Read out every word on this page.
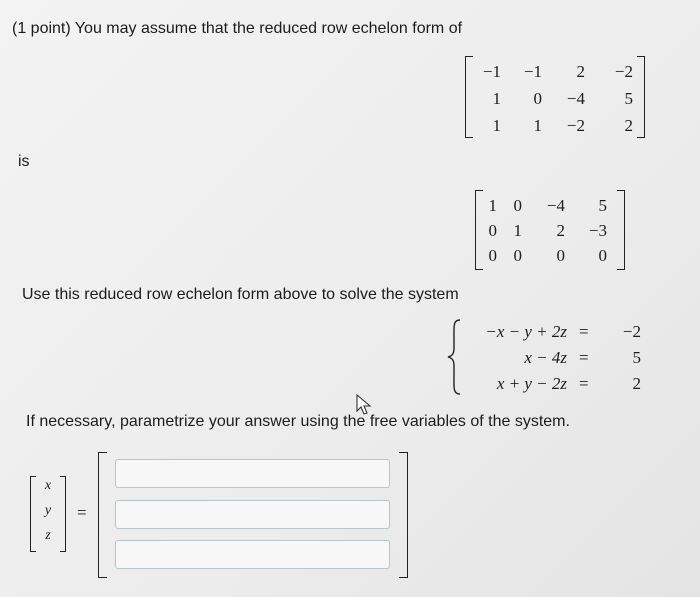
(1 point) You may assume that the reduced row echelon form of
−1	−1	2	−2
1	0	−4	5
1	1	−2	2
is
1 0	−4	5
0 1	2	−3
0 0	0	0
Use this reduced row echelon form above to solve the system
−x − y + 2z =	−2
x − 4z =	5
x + y − 2z =	2
If necessary, parametrize your answer using the free variables of the system.
x
y
z
=
